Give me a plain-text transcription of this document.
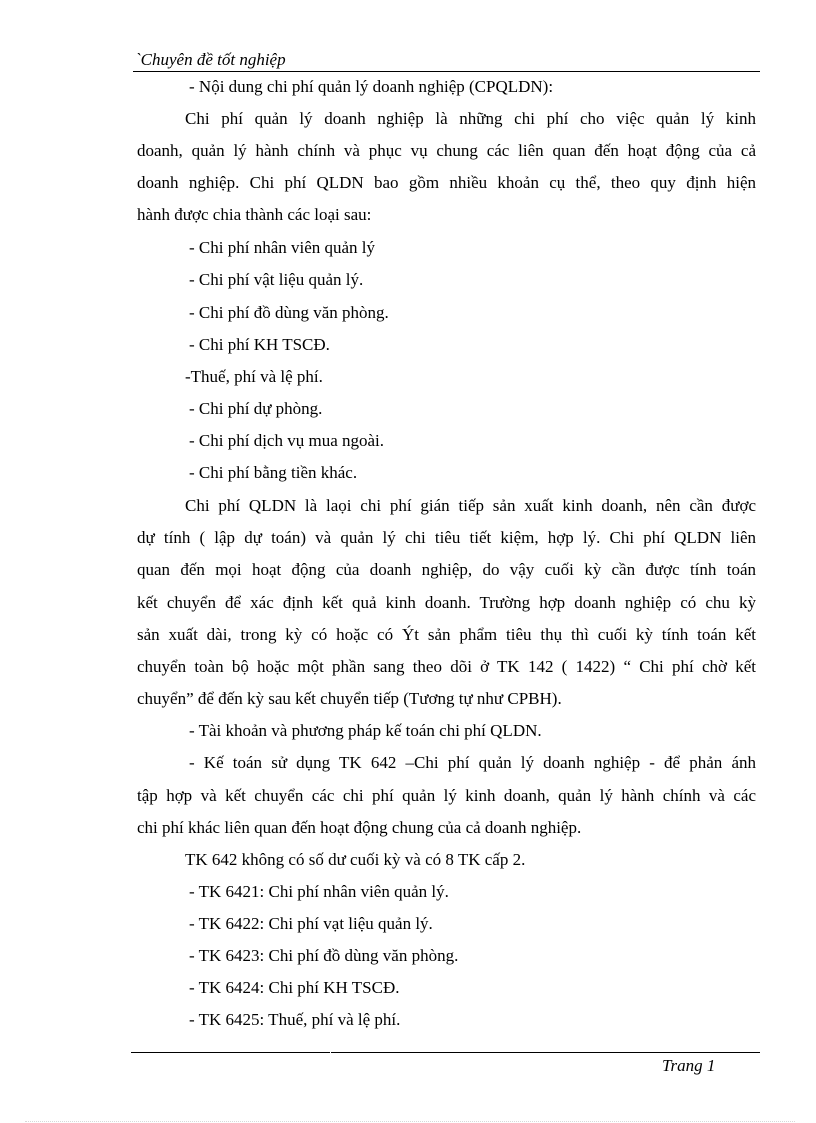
`Chuyên đề tốt nghiệp
- Nội dung chi phí quản lý doanh nghiệp (CPQLDN):
Chi phí quản lý doanh nghiệp là những chi phí cho việc quản lý kinh
doanh, quản lý hành chính và phục vụ chung các liên quan đến hoạt động của cả
doanh nghiệp. Chi phí QLDN bao gồm nhiều khoản cụ thể, theo quy định hiện
hành được chia thành các loại sau:
- Chi phí nhân viên quản lý
- Chi phí vật liệu quản lý.
- Chi phí đồ dùng văn phòng.
- Chi phí KH TSCĐ.
-Thuế, phí và lệ phí.
- Chi phí dự phòng.
- Chi phí dịch vụ mua ngoài.
- Chi phí bằng tiền khác.
Chi phí QLDN là laọi chi phí gián tiếp sản xuất kinh doanh, nên cần được
dự tính ( lập dự toán) và quản lý chi tiêu tiết kiệm, hợp lý. Chi phí QLDN liên
quan đến mọi hoạt động của doanh nghiệp, do vậy cuối kỳ cần được tính toán
kết chuyển để xác định kết quả kinh doanh. Trường hợp doanh nghiệp có chu kỳ
sản xuất dài, trong kỳ có hoặc có Ýt sản phẩm tiêu thụ thì cuối kỳ tính toán kết
chuyển toàn bộ hoặc một phần sang theo dõi ở TK 142 ( 1422) “ Chi phí chờ kết
chuyển” để đến kỳ sau kết chuyển tiếp (Tương tự như CPBH).
- Tài khoản và phương pháp kế toán chi phí QLDN.
- Kế toán sử dụng TK 642 –Chi phí quản lý doanh nghiệp - để phản ánh
tập hợp và kết chuyển các chi phí quản lý kinh doanh, quản lý hành chính và các
chi phí khác liên quan đến hoạt động chung của cả doanh nghiệp.
TK 642 không có số dư cuối kỳ và có 8 TK cấp 2.
- TK 6421: Chi phí nhân viên quản lý.
- TK 6422: Chi phí vạt liệu quản lý.
- TK 6423: Chi phí đồ dùng văn phòng.
- TK 6424: Chi phí KH TSCĐ.
- TK 6425: Thuế, phí và lệ phí.
Trang 1
